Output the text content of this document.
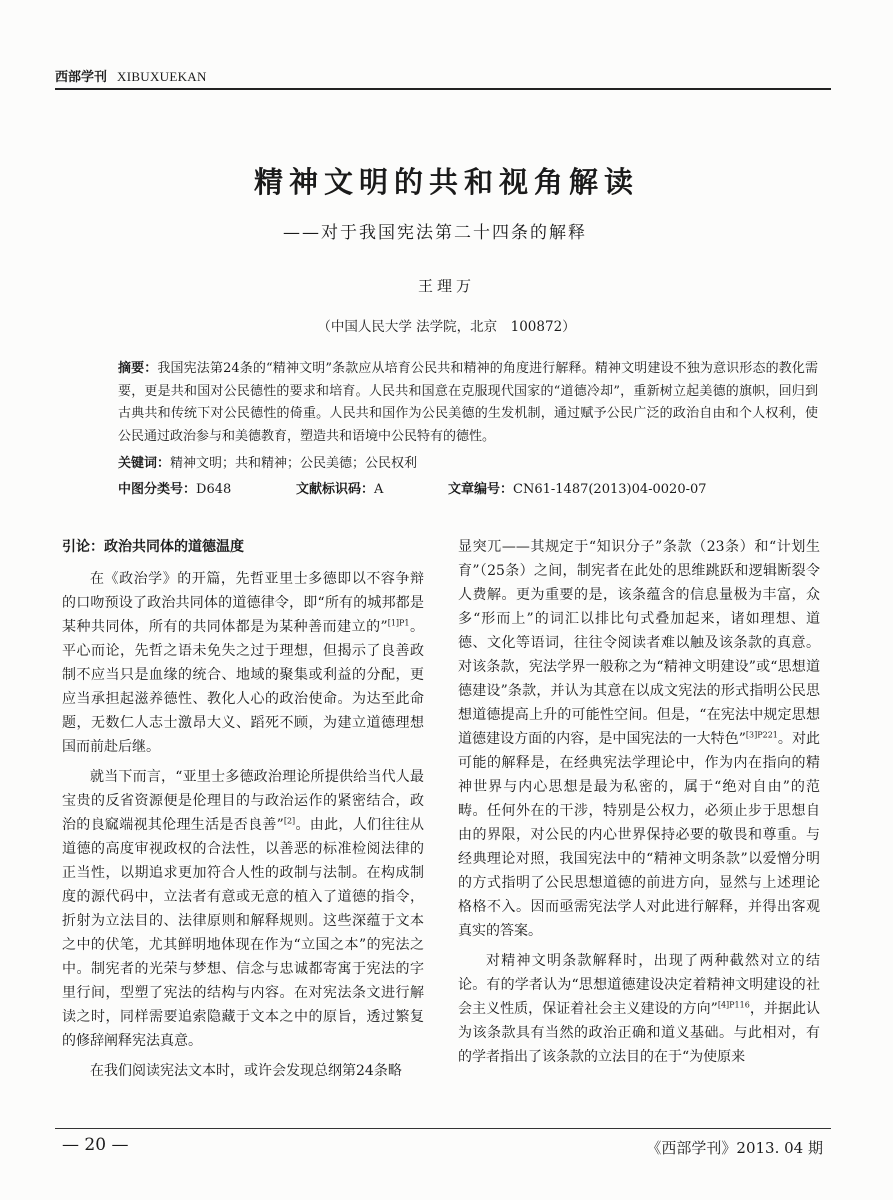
西部学刊 XIBUXUEKAN
精神文明的共和视角解读
——对于我国宪法第二十四条的解释
王理万
（中国人民大学 法学院，北京　100872）
摘要：我国宪法第24条的“精神文明”条款应从培育公民共和精神的角度进行解释。精神文明建设不独为意识形态的教化需要，更是共和国对公民德性的要求和培育。人民共和国意在克服现代国家的“道德冷却”，重新树立起美德的旗帜，回归到古典共和传统下对公民德性的倚重。人民共和国作为公民美德的生发机制，通过赋予公民广泛的政治自由和个人权利，使公民通过政治参与和美德教育，塑造共和语境中公民特有的德性。
关键词：精神文明；共和精神；公民美德；公民权利
中图分类号：D648	文献标识码：A	文章编号：CN61-1487(2013)04-0020-07
引论：政治共同体的道德温度

在《政治学》的开篇，先哲亚里士多德即以不容争辩的口吻预设了政治共同体的道德律令，即“所有的城邦都是某种共同体，所有的共同体都是为某种善而建立的”$^{[1]P1}$。平心而论，先哲之语未免失之过于理想，但揭示了良善政制不应当只是血缘的统合、地域的聚集或利益的分配，更应当承担起滋养德性、教化人心的政治使命。为达至此命题，无数仁人志士激昂大义、蹈死不顾，为建立道德理想国而前赴后继。

就当下而言，“亚里士多德政治理论所提供给当代人最宝贵的反省资源便是伦理目的与政治运作的紧密结合，政治的良窳端视其伦理生活是否良善”[2]。由此，人们往往从道德的高度审视政权的合法性，以善恶的标准检阅法律的正当性，以期追求更加符合人性的政制与法制。在构成制度的源代码中，立法者有意或无意的植入了道德的指令，折射为立法目的、法律原则和解释规则。这些深蕴于文本之中的伏笔，尤其鲜明地体现在作为“立国之本”的宪法之中。制宪者的光荣与梦想、信念与忠诚都寄寓于宪法的字里行间，型塑了宪法的结构与内容。在对宪法条文进行解读之时，同样需要追索隐藏于文本之中的原旨，透过繁复的修辞阐释宪法真意。

在我们阅读宪法文本时，或许会发现总纲第24条略

显突兀——其规定于“知识分子”条款（23条）和“计划生育”（25条）之间，制宪者在此处的思维跳跃和逻辑断裂令人费解。更为重要的是，该条蕴含的信息量极为丰富，众多“形而上”的词汇以排比句式叠加起来，诸如理想、道德、文化等语词，往往令阅读者难以触及该条款的真意。对该条款，宪法学界一般称之为“精神文明建设”或“思想道德建设”条款，并认为其意在以成文宪法的形式指明公民思想道德提高上升的可能性空间。但是，“在宪法中规定思想道德建设方面的内容，是中国宪法的一大特色”$^{[3]P221}$。对此可能的解释是，在经典宪法学理论中，作为内在指向的精神世界与内心思想是最为私密的，属于“绝对自由”的范畴。任何外在的干涉，特别是公权力，必须止步于思想自由的界限，对公民的内心世界保持必要的敬畏和尊重。与经典理论对照，我国宪法中的“精神文明条款”以爱憎分明的方式指明了公民思想道德的前进方向，显然与上述理论格格不入。因而亟需宪法学人对此进行解释，并得出客观真实的答案。

对精神文明条款解释时，出现了两种截然对立的结论。有的学者认为“思想道德建设决定着精神文明建设的社会主义性质，保证着社会主义建设的方向”$^{[4]P116}$，并据此认为该条款具有当然的政治正确和道义基础。与此相对，有的学者指出了该条款的立法目的在于“为使原来

— 20 —	《西部学刊》2013. 04 期
